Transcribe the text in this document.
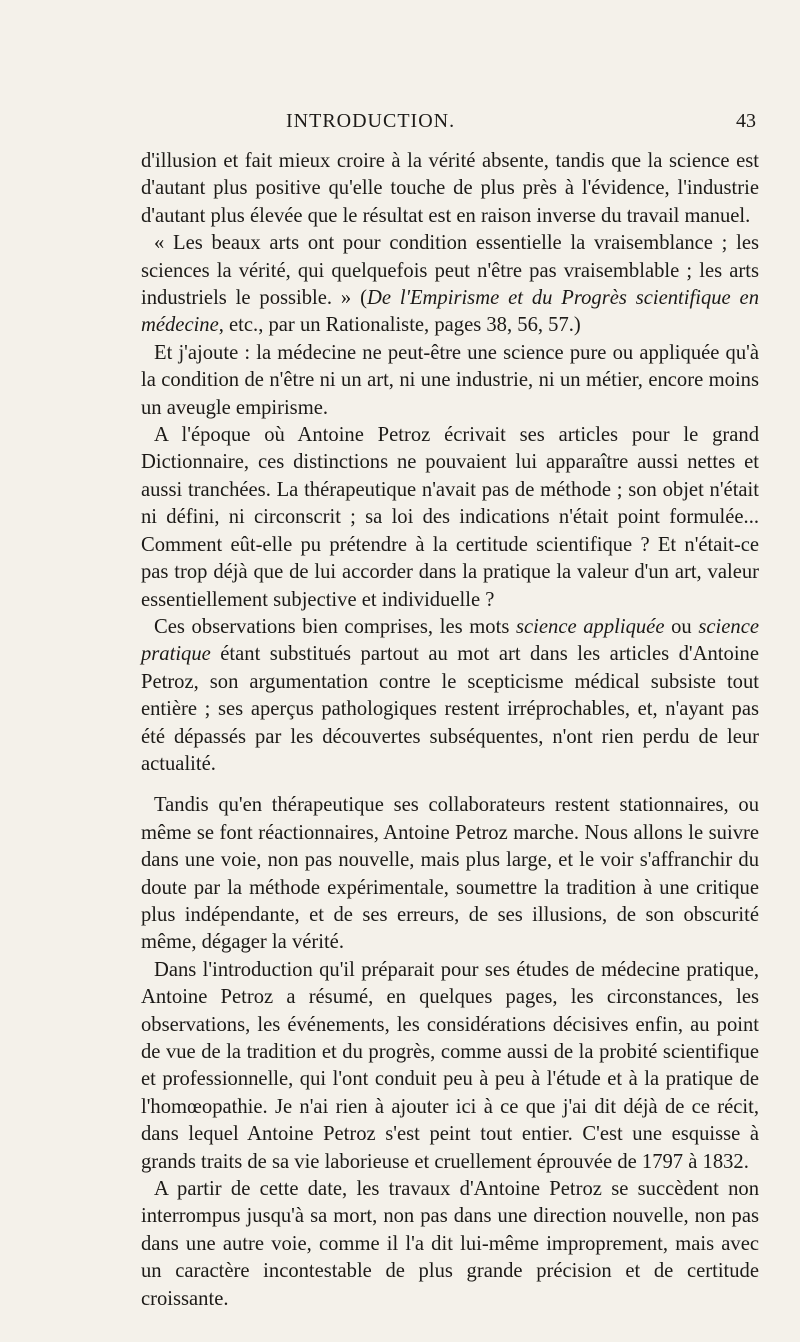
INTRODUCTION.	43

d'illusion et fait mieux croire à la vérité absente, tandis que la science est d'autant plus positive qu'elle touche de plus près à l'évidence, l'industrie d'autant plus élevée que le résultat est en raison inverse du travail manuel.

« Les beaux arts ont pour condition essentielle la vraisemblance ; les sciences la vérité, qui quelquefois peut n'être pas vraisemblable ; les arts industriels le possible. » (De l'Empirisme et du Progrès scientifique en médecine, etc., par un Rationaliste, pages 38, 56, 57.)

Et j'ajoute : la médecine ne peut-être une science pure ou appliquée qu'à la condition de n'être ni un art, ni une industrie, ni un métier, encore moins un aveugle empirisme.

A l'époque où Antoine Petroz écrivait ses articles pour le grand Dictionnaire, ces distinctions ne pouvaient lui apparaître aussi nettes et aussi tranchées. La thérapeutique n'avait pas de méthode ; son objet n'était ni défini, ni circonscrit ; sa loi des indications n'était point formulée... Comment eût-elle pu prétendre à la certitude scientifique ? Et n'était-ce pas trop déjà que de lui accorder dans la pratique la valeur d'un art, valeur essentiellement subjective et individuelle ?

Ces observations bien comprises, les mots science appliquée ou science pratique étant substitués partout au mot art dans les articles d'Antoine Petroz, son argumentation contre le scepticisme médical subsiste tout entière ; ses aperçus pathologiques restent irréprochables, et, n'ayant pas été dépassés par les découvertes subséquentes, n'ont rien perdu de leur actualité.

Tandis qu'en thérapeutique ses collaborateurs restent stationnaires, ou même se font réactionnaires, Antoine Petroz marche. Nous allons le suivre dans une voie, non pas nouvelle, mais plus large, et le voir s'affranchir du doute par la méthode expérimentale, soumettre la tradition à une critique plus indépendante, et de ses erreurs, de ses illusions, de son obscurité même, dégager la vérité.

Dans l'introduction qu'il préparait pour ses études de médecine pratique, Antoine Petroz a résumé, en quelques pages, les circonstances, les observations, les événements, les considérations décisives enfin, au point de vue de la tradition et du progrès, comme aussi de la probité scientifique et professionnelle, qui l'ont conduit peu à peu à l'étude et à la pratique de l'homœopathie. Je n'ai rien à ajouter ici à ce que j'ai dit déjà de ce récit, dans lequel Antoine Petroz s'est peint tout entier. C'est une esquisse à grands traits de sa vie laborieuse et cruellement éprouvée de 1797 à 1832.

A partir de cette date, les travaux d'Antoine Petroz se succèdent non interrompus jusqu'à sa mort, non pas dans une direction nouvelle, non pas dans une autre voie, comme il l'a dit lui-même improprement, mais avec un caractère incontestable de plus grande précision et de certitude croissante.
